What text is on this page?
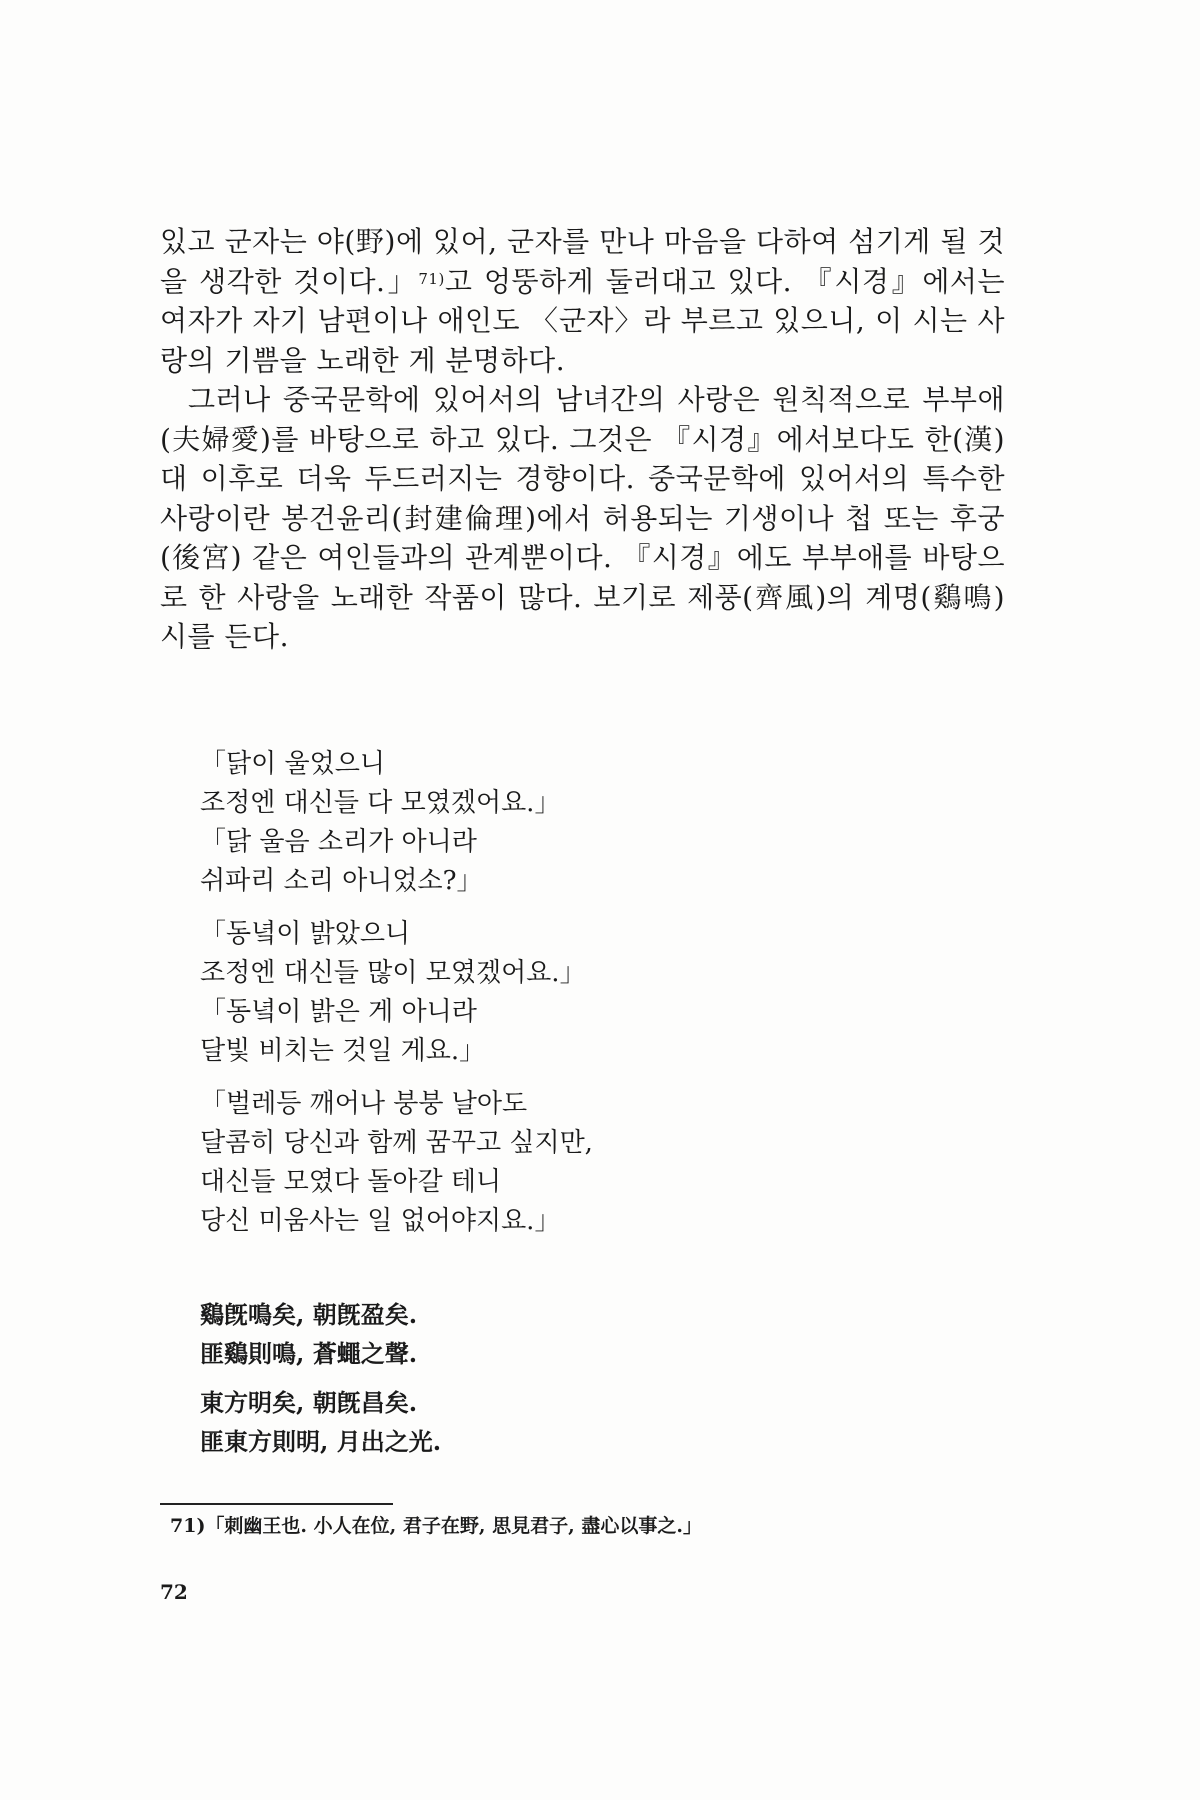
있고 군자는 야(野)에 있어, 군자를 만나 마음을 다하여 섬기게 될 것을 생각한 것이다.」$^{71)}$고 엉뚱하게 둘러대고 있다. 『시경』에서는 여자가 자기 남편이나 애인도 〈군자〉라 부르고 있으니, 이 시는 사랑의 기쁨을 노래한 게 분명하다.

그러나 중국문학에 있어서의 남녀간의 사랑은 원칙적으로 부부애(夫婦愛)를 바탕으로 하고 있다. 그것은 『시경』에서보다도 한(漢)대 이후로 더욱 두드러지는 경향이다. 중국문학에 있어서의 특수한 사랑이란 봉건윤리(封建倫理)에서 허용되는 기생이나 첩 또는 후궁(後宮) 같은 여인들과의 관계뿐이다. 『시경』에도 부부애를 바탕으로 한 사랑을 노래한 작품이 많다. 보기로 제풍(齊風)의 계명(鷄鳴)시를 든다.

「닭이 울었으니
조정엔 대신들 다 모였겠어요.」
「닭 울음 소리가 아니라
쉬파리 소리 아니었소?」
「동녘이 밝았으니
조정엔 대신들 많이 모였겠어요.」
「동녘이 밝은 게 아니라
달빛 비치는 것일 게요.」
「벌레등 깨어나 붕붕 날아도
달콤히 당신과 함께 꿈꾸고 싶지만,
대신들 모였다 돌아갈 테니
당신 미움사는 일 없어야지요.」
鷄旣鳴矣, 朝旣盈矣.
匪鷄則鳴, 蒼蠅之聲.
東方明矣, 朝旣昌矣.
匪東方則明, 月出之光.
71)「刺幽王也. 小人在位, 君子在野, 思見君子, 盡心以事之.」
72
